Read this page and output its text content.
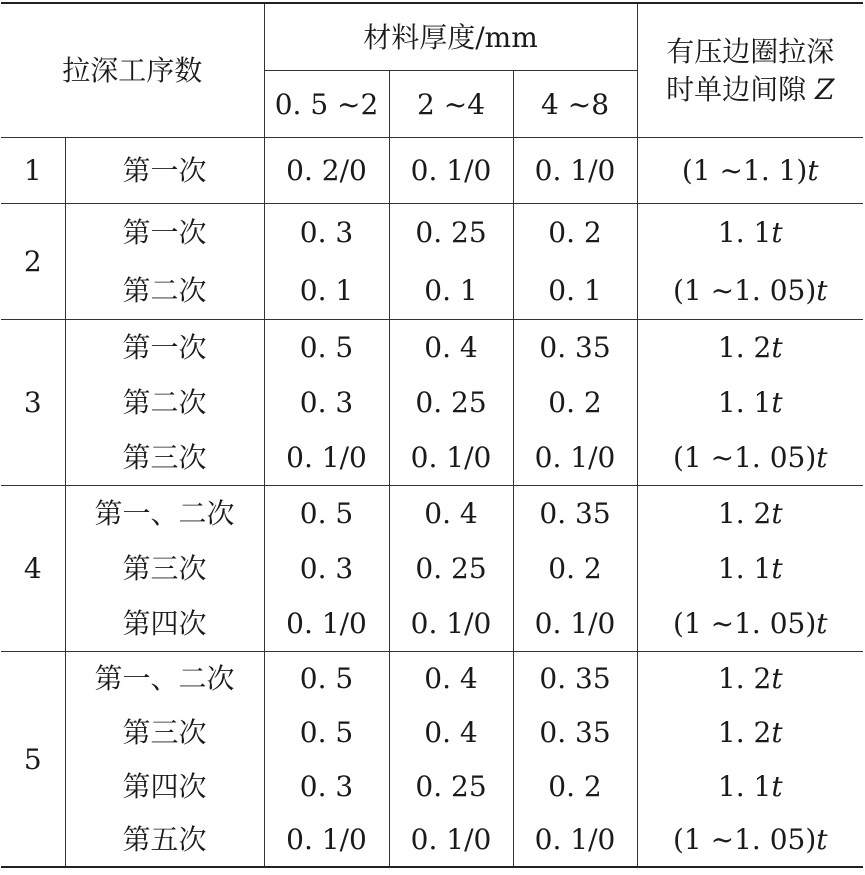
拉深工序数		材料厚度/mm			有压边圈拉深
时单边间隙 Z

		0. 5 ~2	2 ~4	4 ~8	
1	第一次	0. 2/0	0. 1/0	0. 1/0	(1 ~1. 1)t
2	第一次	0. 3	0. 25	0. 2	1. 1t
	第二次	0. 1	0. 1	0. 1	(1 ~1. 05)t
3	第一次	0. 5	0. 4	0. 35	1. 2t
	第二次	0. 3	0. 25	0. 2	1. 1t
	第三次	0. 1/0	0. 1/0	0. 1/0	(1 ~1. 05)t
4	第一、二次	0. 5	0. 4	0. 35	1. 2t
	第三次	0. 3	0. 25	0. 2	1. 1t
	第四次	0. 1/0	0. 1/0	0. 1/0	(1 ~1. 05)t
5	第一、二次	0. 5	0. 4	0. 35	1. 2t
	第三次	0. 5	0. 4	0. 35	1. 2t
	第四次	0. 3	0. 25	0. 2	1. 1t
	第五次	0. 1/0	0. 1/0	0. 1/0	(1 ~1. 05)t
